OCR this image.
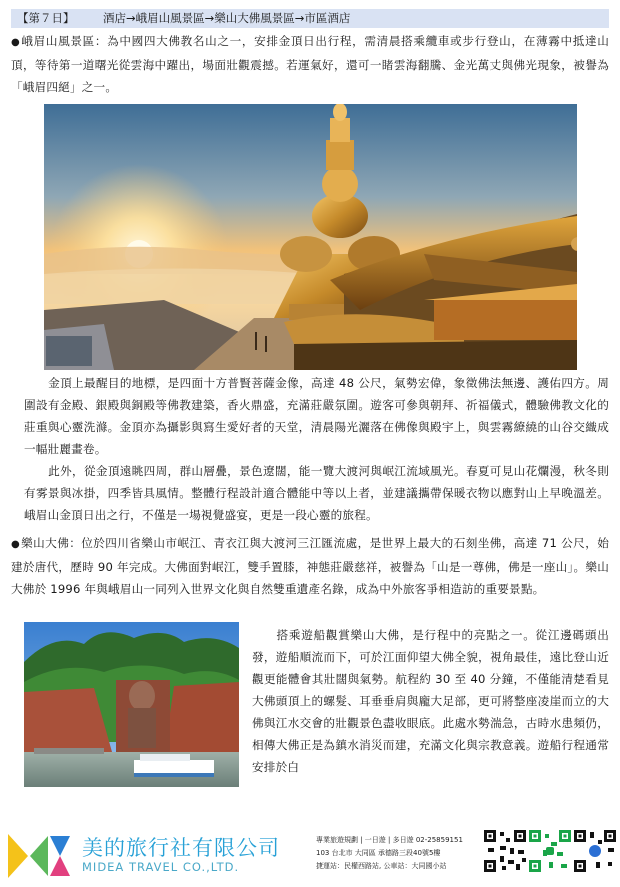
【第７日】 酒店→峨眉山風景區→樂山大佛風景區→市區酒店

●峨眉山風景區：為中國四大佛教名山之一，安排金頂日出行程，需清晨搭乘纜車或步行登山，在薄霧中抵達山頂，等待第一道曙光從雲海中躍出，場面壯觀震撼。若運氣好，還可一睹雲海翻騰、金光萬丈與佛光現象，被譽為「峨眉四絕」之一。

金頂上最醒目的地標，是四面十方普賢菩薩金像，高達 48 公尺，氣勢宏偉，象徵佛法無邊、護佑四方。周圍設有金殿、銀殿與銅殿等佛教建築，香火鼎盛，充滿莊嚴氛圍。遊客可參與朝拜、祈福儀式，體驗佛教文化的莊重與心靈洗滌。金頂亦為攝影與寫生愛好者的天堂，清晨陽光灑落在佛像與殿宇上，與雲霧繚繞的山谷交織成一幅壯麗畫卷。

此外，從金頂遠眺四周，群山層疊，景色遼闊，能一覽大渡河與岷江流域風光。春夏可見山花爛漫，秋冬則有雾景與冰掛，四季皆具風情。整體行程設計適合體能中等以上者，並建議攜帶保暖衣物以應對山上早晚溫差。峨眉山金頂日出之行，不僅是一場視覺盛宴，更是一段心靈的旅程。

●樂山大佛：位於四川省樂山市岷江、青衣江與大渡河三江匯流處，是世界上最大的石刻坐佛，高達 71 公尺，始建於唐代，歷時 90 年完成。大佛面對岷江，雙手置膝，神態莊嚴慈祥，被譽為「山是一尊佛，佛是一座山」。樂山大佛於 1996 年與峨眉山一同列入世界文化與自然雙重遺產名錄，成為中外旅客爭相造訪的重要景點。

搭乘遊船觀賞樂山大佛，是行程中的亮點之一。從江邊碼頭出發，遊船順流而下，可於江面仰望大佛全貌，視角最佳，遠比登山近觀更能體會其壯闊與氣勢。航程約 30 至 40 分鐘，不僅能清楚看見大佛頭頂上的螺髮、耳垂垂肩與龐大足部，更可將整座凌崖而立的大佛與江水交會的壯觀景色盡收眼底。此處水勢湍急，古時水患頻仍，相傳大佛正是為鎮水消災而建，充滿文化與宗教意義。遊船行程通常安排於白

美的旅行社有限公司
MIDEA TRAVEL CO.,LTD.
專業旅遊規劃 | 一日遊 | 多日遊 02-25859151
103 台北市 大同區 承德路三段40號5樓
捷運站：民權西路站, 公車站：大同國小站
